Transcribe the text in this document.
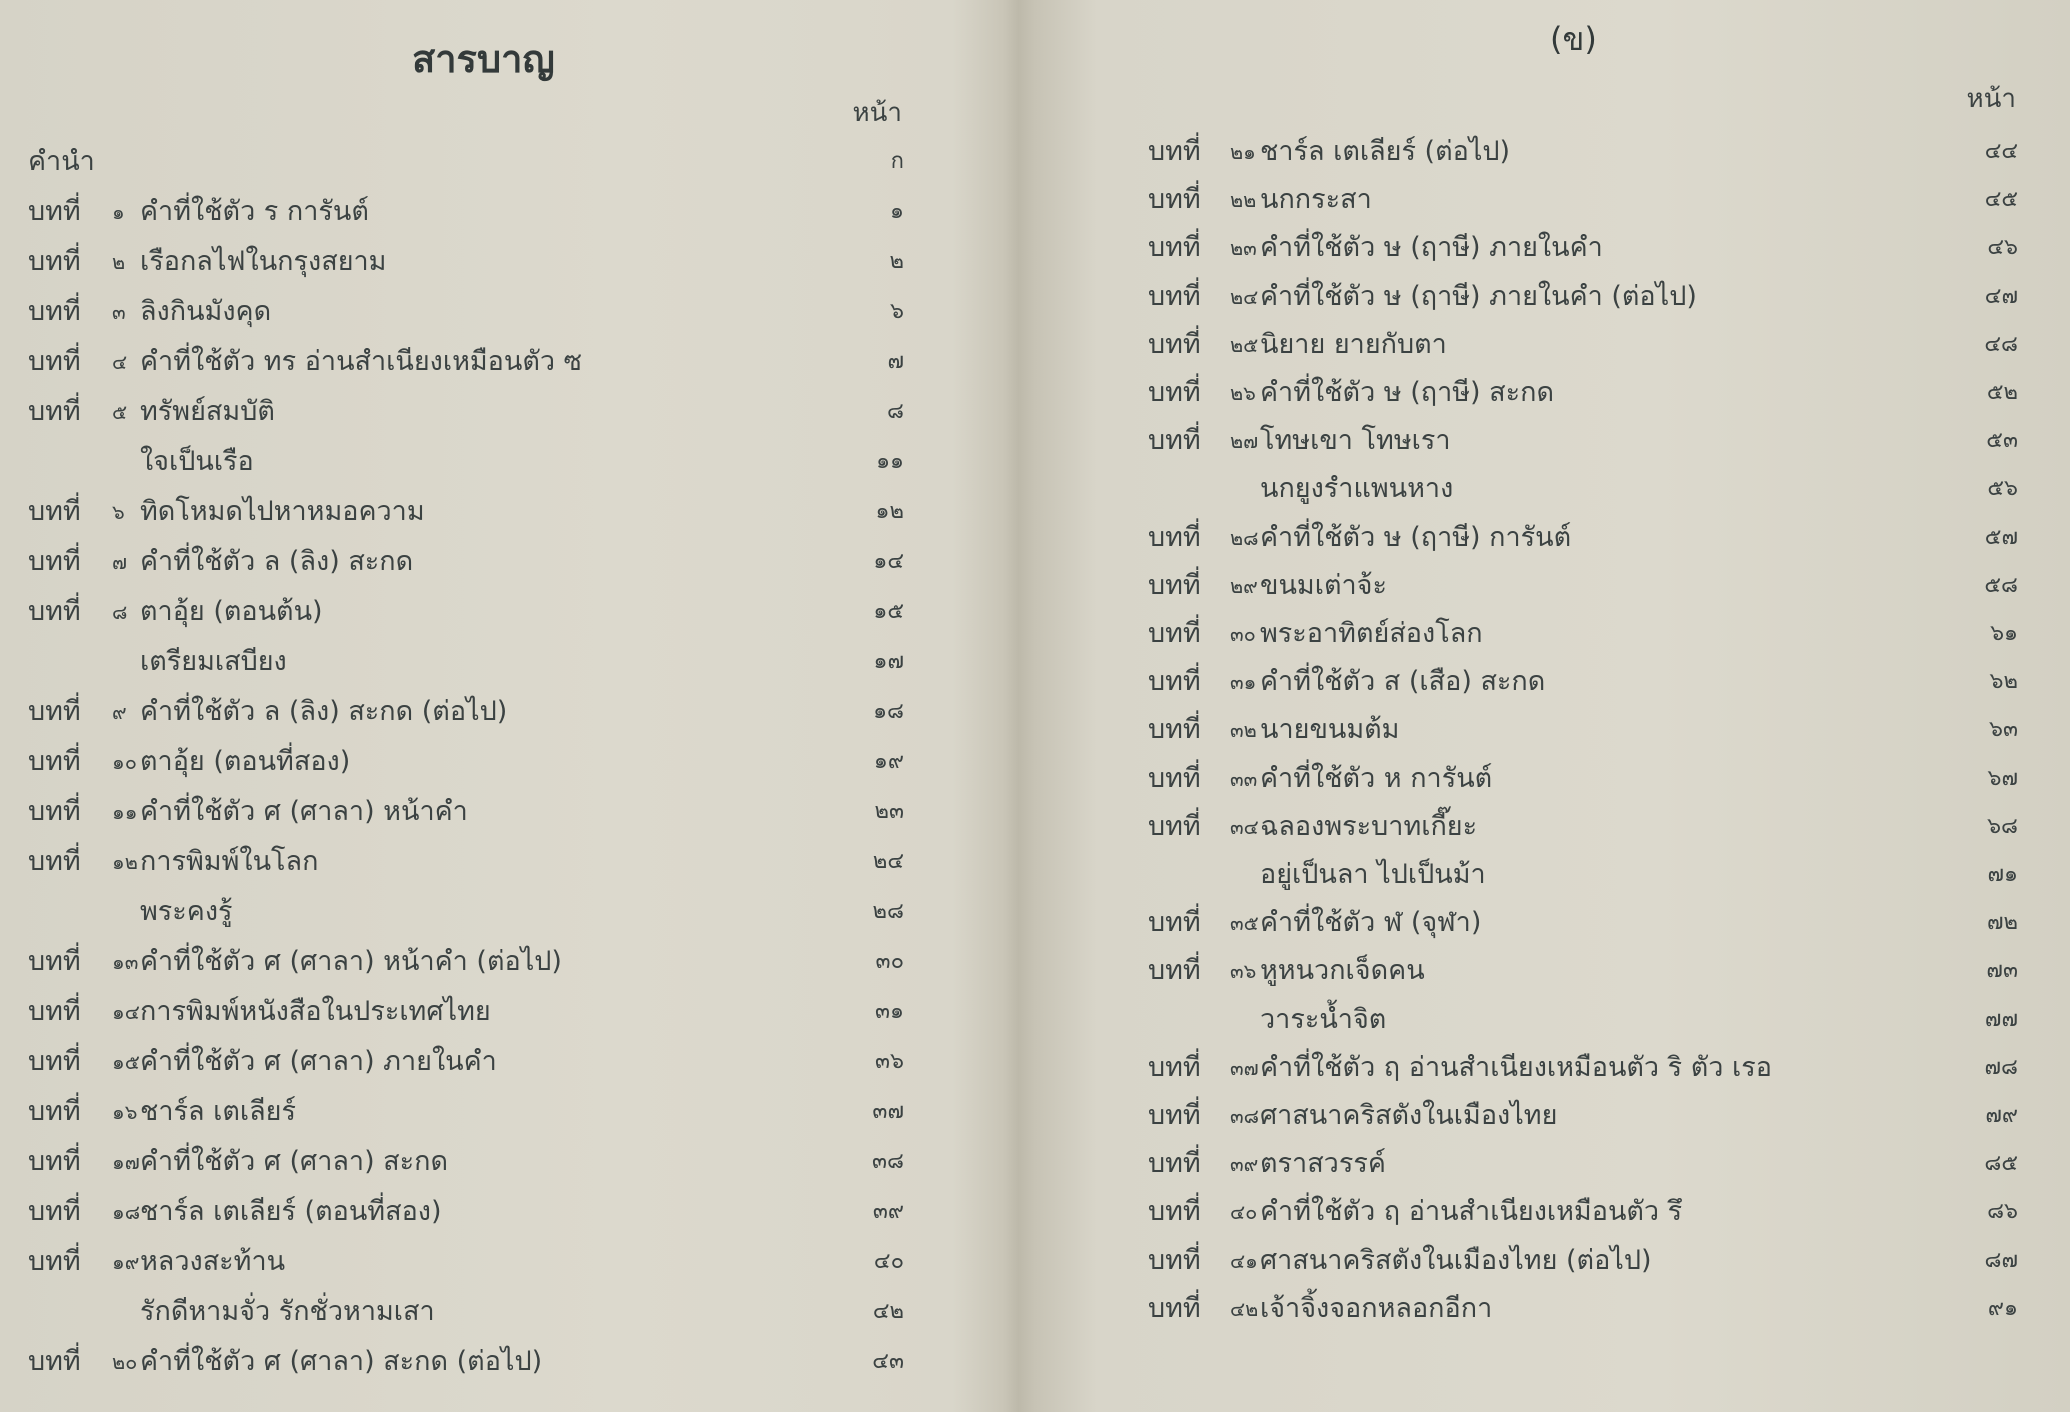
สารบาญ
หน้า
คำนำ	ก
บทที่ ๑ คำที่ใช้ตัว ร การันต์	๑
บทที่ ๒ เรือกลไฟในกรุงสยาม	๒
บทที่ ๓ ลิงกินมังคุด	๖
บทที่ ๔ คำที่ใช้ตัว ทร อ่านสำเนียงเหมือนตัว ซ	๗
บทที่ ๕ ทรัพย์สมบัติ	๘
ใจเป็นเรือ	๑๑
บทที่ ๖ ทิดโหมดไปหาหมอความ	๑๒
บทที่ ๗ คำที่ใช้ตัว ล (ลิง) สะกด	๑๔
บทที่ ๘ ตาอุ้ย (ตอนต้น)	๑๕
เตรียมเสบียง	๑๗
บทที่ ๙ คำที่ใช้ตัว ล (ลิง) สะกด (ต่อไป)	๑๘
บทที่ ๑๐ ตาอุ้ย (ตอนที่สอง)	๑๙
บทที่ ๑๑ คำที่ใช้ตัว ศ (ศาลา) หน้าคำ	๒๓
บทที่ ๑๒ การพิมพ์ในโลก	๒๔
พระคงรู้	๒๘
บทที่ ๑๓ คำที่ใช้ตัว ศ (ศาลา) หน้าคำ (ต่อไป)	๓๐
บทที่ ๑๔ การพิมพ์หนังสือในประเทศไทย	๓๑
บทที่ ๑๕ คำที่ใช้ตัว ศ (ศาลา) ภายในคำ	๓๖
บทที่ ๑๖ ชาร์ล เตเลียร์	๓๗
บทที่ ๑๗ คำที่ใช้ตัว ศ (ศาลา) สะกด	๓๘
บทที่ ๑๘ ชาร์ล เตเลียร์ (ตอนที่สอง)	๓๙
บทที่ ๑๙ หลวงสะท้าน	๔๐
รักดีหามจั่ว รักชั่วหามเสา	๔๒
บทที่ ๒๐ คำที่ใช้ตัว ศ (ศาลา) สะกด (ต่อไป)	๔๓
(ข)
หน้า
บทที่ ๒๑ ชาร์ล เตเลียร์ (ต่อไป)	๔๔
บทที่ ๒๒ นกกระสา	๔๕
บทที่ ๒๓ คำที่ใช้ตัว ษ (ฤาษี) ภายในคำ	๔๖
บทที่ ๒๔ คำที่ใช้ตัว ษ (ฤาษี) ภายในคำ (ต่อไป)	๔๗
บทที่ ๒๕ นิยาย ยายกับตา	๔๘
บทที่ ๒๖ คำที่ใช้ตัว ษ (ฤาษี) สะกด	๕๒
บทที่ ๒๗ โทษเขา โทษเรา	๕๓
นกยูงรำแพนหาง	๕๖
บทที่ ๒๘ คำที่ใช้ตัว ษ (ฤาษี) การันต์	๕๗
บทที่ ๒๙ ขนมเต่าจ้ะ	๕๘
บทที่ ๓๐ พระอาทิตย์ส่องโลก	๖๑
บทที่ ๓๑ คำที่ใช้ตัว ส (เสือ) สะกด	๖๒
บทที่ ๓๒ นายขนมต้ม	๖๓
บทที่ ๓๓ คำที่ใช้ตัว ห การันต์	๖๗
บทที่ ๓๔ ฉลองพระบาทเกี๊ยะ	๖๘
อยู่เป็นลา ไปเป็นม้า	๗๑
บทที่ ๓๕ คำที่ใช้ตัว ฬ (จุฬา)	๗๒
บทที่ ๓๖ หูหนวกเจ็ดคน	๗๓
วาระน้ำจิต	๗๗
บทที่ ๓๗ คำที่ใช้ตัว ฤ อ่านสำเนียงเหมือนตัว ริ ตัว เรอ	๗๘
บทที่ ๓๘ ศาสนาคริสตังในเมืองไทย	๗๙
บทที่ ๓๙ ตราสวรรค์	๘๕
บทที่ ๔๐ คำที่ใช้ตัว ฤ อ่านสำเนียงเหมือนตัว รึ	๘๖
บทที่ ๔๑ ศาสนาคริสตังในเมืองไทย (ต่อไป)	๘๗
บทที่ ๔๒ เจ้าจิ้งจอกหลอกอีกา	๙๑
